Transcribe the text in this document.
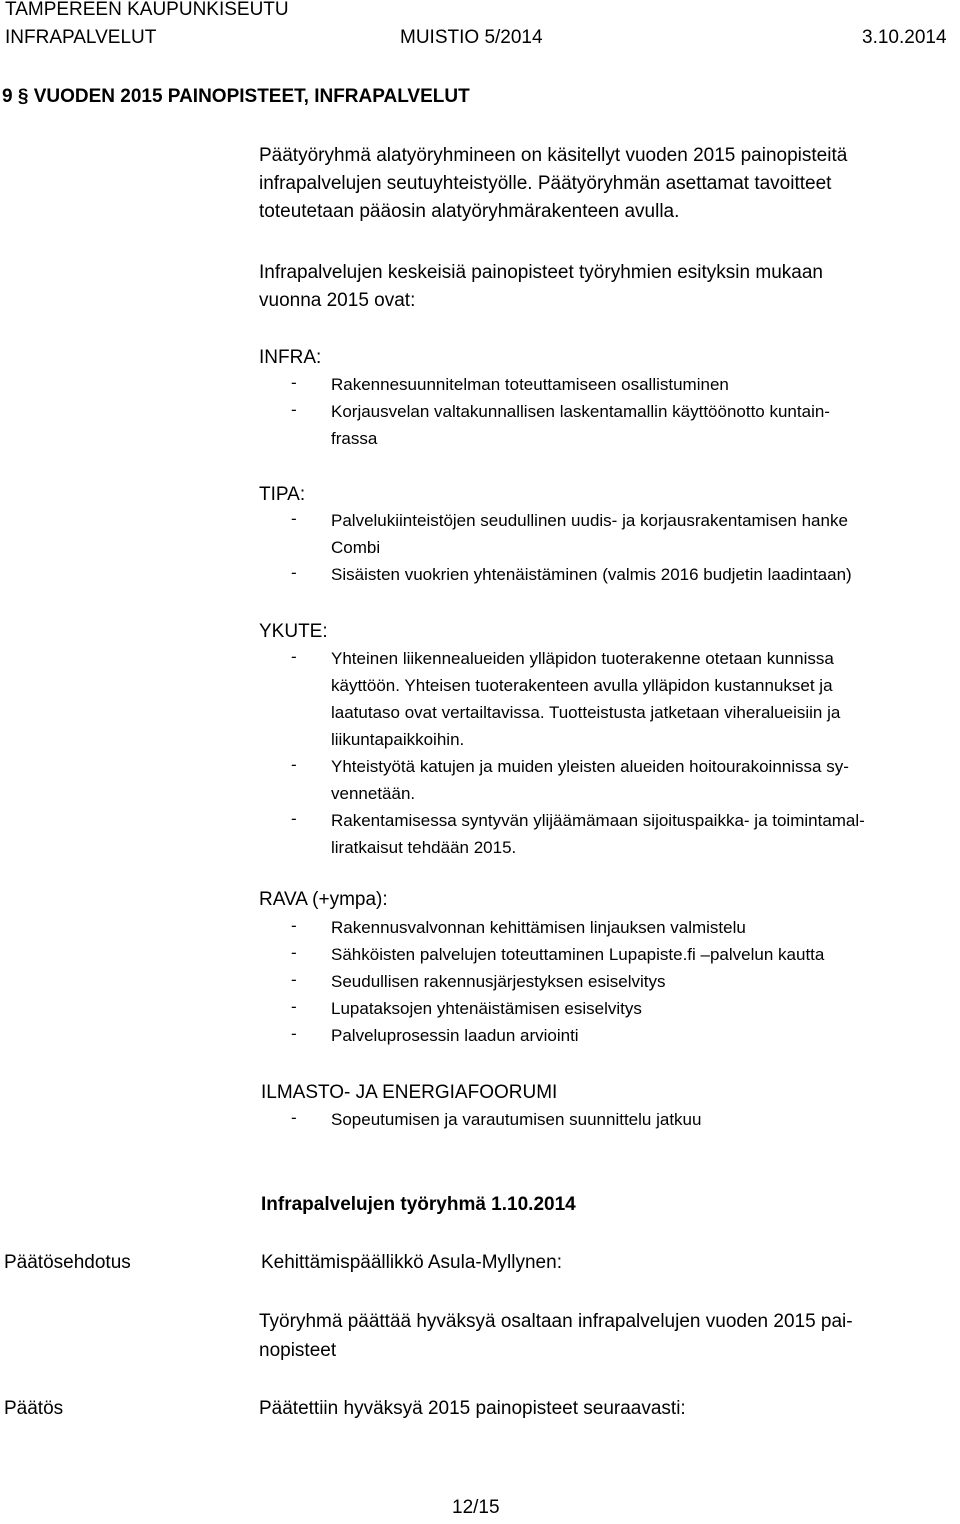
TAMPEREEN KAUPUNKISEUTU
INFRAPALVELUT	MUISTIO 5/2014	3.10.2014
9 § VUODEN 2015 PAINOPISTEET, INFRAPALVELUT
Päätyöryhmä alatyöryhmineen on käsitellyt vuoden 2015 painopisteitä
infrapalvelujen seutuyhteistyölle. Päätyöryhmän asettamat tavoitteet
toteutetaan pääosin alatyöryhmärakenteen avulla.
Infrapalvelujen keskeisiä painopisteet työryhmien esityksin mukaan
vuonna 2015 ovat:
INFRA:
- Rakennesuunnitelman toteuttamiseen osallistuminen
- Korjausvelan valtakunnallisen laskentamallin käyttöönotto kuntain-
frassa
TIPA:
- Palvelukiinteistöjen seudullinen uudis- ja korjausrakentamisen hanke
Combi
- Sisäisten vuokrien yhtenäistäminen (valmis 2016 budjetin laadintaan)
YKUTE:
- Yhteinen liikennealueiden ylläpidon tuoterakenne otetaan kunnissa
käyttöön. Yhteisen tuoterakenteen avulla ylläpidon kustannukset ja
laatutaso ovat vertailtavissa. Tuotteistusta jatketaan viheralueisiin ja
liikuntapaikkoihin.
- Yhteistyötä katujen ja muiden yleisten alueiden hoitourakoinnissa sy-
vennetään.
- Rakentamisessa syntyvän ylijäämämaan sijoituspaikka- ja toimintamal-
liratkaisut tehdään 2015.
RAVA (+ympa):
- Rakennusvalvonnan kehittämisen linjauksen valmistelu
- Sähköisten palvelujen toteuttaminen Lupapiste.fi –palvelun kautta
- Seudullisen rakennusjärjestyksen esiselvitys
- Lupataksojen yhtenäistämisen esiselvitys
- Palveluprosessin laadun arviointi
ILMASTO- JA ENERGIAFOORUMI
- Sopeutumisen ja varautumisen suunnittelu jatkuu
Infrapalvelujen työryhmä 1.10.2014
Päätösehdotus	Kehittämispäällikkö Asula-Myllynen:
Työryhmä päättää hyväksyä osaltaan infrapalvelujen vuoden 2015 pai-
nopisteet
Päätös	Päätettiin hyväksyä 2015 painopisteet seuraavasti:
12/15
